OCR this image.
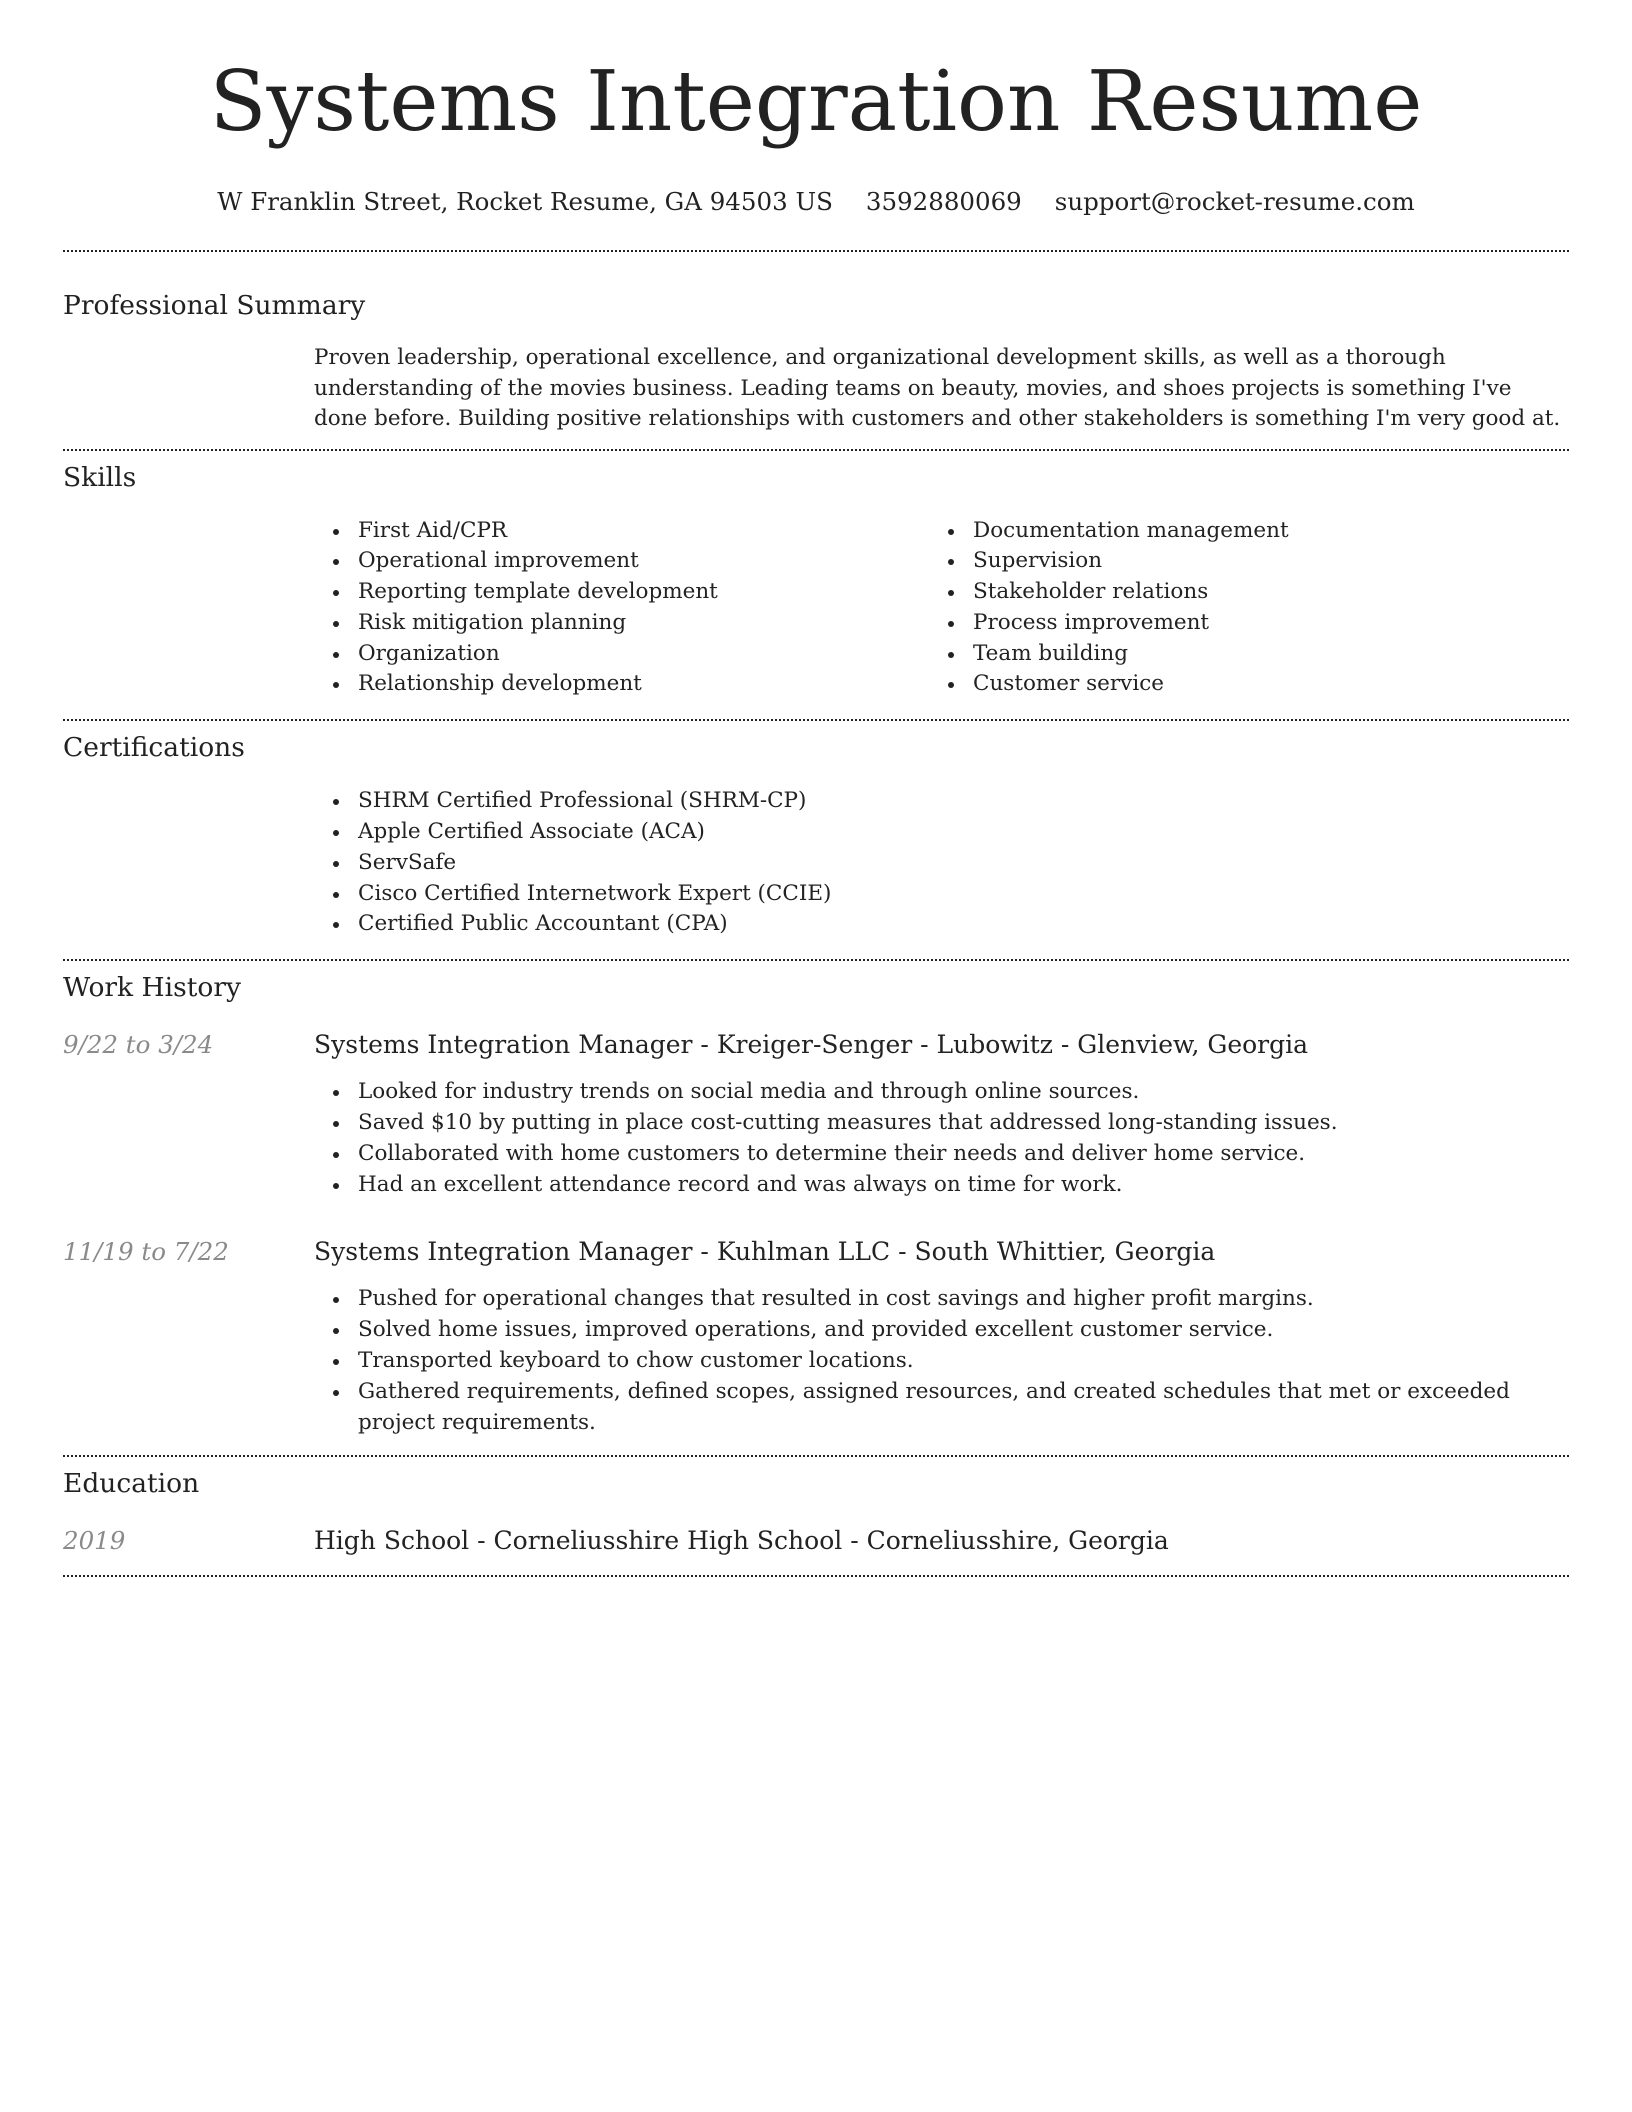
Systems Integration Resume
W Franklin Street, Rocket Resume, GA 94503 US 3592880069 support@rocket-resume.com
Professional Summary

Proven leadership, operational excellence, and organizational development skills, as well as a thorough understanding of the movies business. Leading teams on beauty, movies, and shoes projects is something I've done before. Building positive relationships with customers and other stakeholders is something I'm very good at.

Skills
First Aid/CPR
Operational improvement
Reporting template development
Risk mitigation planning
Organization
Relationship development
Documentation management
Supervision
Stakeholder relations
Process improvement
Team building
Customer service
Certifications
SHRM Certified Professional (SHRM-CP)
Apple Certified Associate (ACA)
ServSafe
Cisco Certified Internetwork Expert (CCIE)
Certified Public Accountant (CPA)
Work History
9/22 to 3/24	Systems Integration Manager - Kreiger-Senger - Lubowitz - Glenview, Georgia
Looked for industry trends on social media and through online sources.
Saved $10 by putting in place cost-cutting measures that addressed long-standing issues.
Collaborated with home customers to determine their needs and deliver home service.
Had an excellent attendance record and was always on time for work.
11/19 to 7/22	Systems Integration Manager - Kuhlman LLC - South Whittier, Georgia
Pushed for operational changes that resulted in cost savings and higher profit margins.
Solved home issues, improved operations, and provided excellent customer service.
Transported keyboard to chow customer locations.
Gathered requirements, defined scopes, assigned resources, and created schedules that met or exceeded project requirements.
Education
2019	High School - Corneliusshire High School - Corneliusshire, Georgia
